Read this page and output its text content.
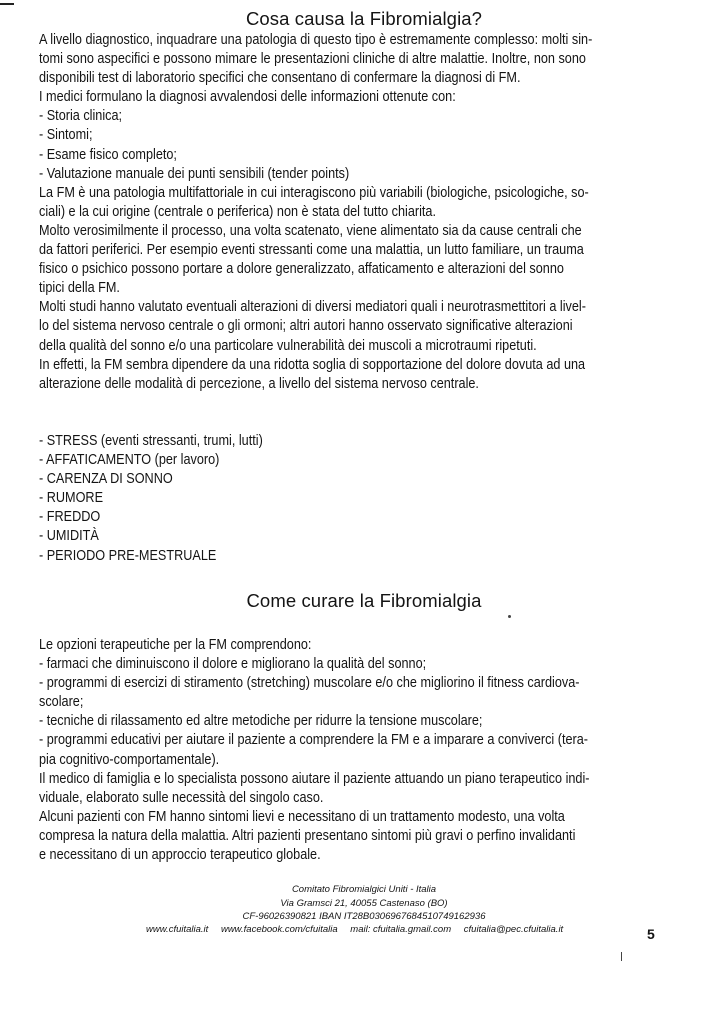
Cosa causa la Fibromialgia?

A livello diagnostico, inquadrare una patologia di questo tipo è estremamente complesso: molti sin-
tomi sono aspecifici e possono mimare le presentazioni cliniche di altre malattie. Inoltre, non sono
disponibili test di laboratorio specifici che consentano di confermare la diagnosi di FM.

I medici formulano la diagnosi avvalendosi delle informazioni ottenute con:
- Storia clinica;
- Sintomi;
- Esame fisico completo;
- Valutazione manuale dei punti sensibili (tender points)

La FM è una patologia multifattoriale in cui interagiscono più variabili (biologiche, psicologiche, so-
ciali) e la cui origine (centrale o periferica) non è stata del tutto chiarita.

Molto verosimilmente il processo, una volta scatenato, viene alimentato sia da cause centrali che
da fattori periferici. Per esempio eventi stressanti come una malattia, un lutto familiare, un trauma
fisico o psichico possono portare a dolore generalizzato, affaticamento e alterazioni del sonno
tipici della FM.

Molti studi hanno valutato eventuali alterazioni di diversi mediatori quali i neurotrasmettitori a livel-
lo del sistema nervoso centrale o gli ormoni; altri autori hanno osservato significative alterazioni
della qualità del sonno e/o una particolare vulnerabilità dei muscoli a microtraumi ripetuti.

In effetti, la FM sembra dipendere da una ridotta soglia di sopportazione del dolore dovuta ad una
alterazione delle modalità di percezione, a livello del sistema nervoso centrale.

- STRESS (eventi stressanti, trumi, lutti)
- AFFATICAMENTO (per lavoro)
- CARENZA DI SONNO
- RUMORE
- FREDDO
- UMIDITÀ
- PERIODO PRE-MESTRUALE
Come curare la Fibromialgia
Le opzioni terapeutiche per la FM comprendono:
- farmaci che diminuiscono il dolore e migliorano la qualità del sonno;
- programmi di esercizi di stiramento (stretching) muscolare e/o che migliorino il fitness cardiova-
scolare;
- tecniche di rilassamento ed altre metodiche per ridurre la tensione muscolare;
- programmi educativi per aiutare il paziente a comprendere la FM e a imparare a conviverci (tera-
pia cognitivo-comportamentale).

Il medico di famiglia e lo specialista possono aiutare il paziente attuando un piano terapeutico indi-
viduale, elaborato sulle necessità del singolo caso.

Alcuni pazienti con FM hanno sintomi lievi e necessitano di un trattamento modesto, una volta
compresa la natura della malattia. Altri pazienti presentano sintomi più gravi o perfino invalidanti
e necessitano di un approccio terapeutico globale.

Comitato Fibromialgici Uniti - Italia
Via Gramsci 21, 40055 Castenaso (BO)
CF-96026390821 IBAN IT28B0306967684510749162936
www.cfuitalia.it www.facebook.com/cfuitalia mail: cfuitalia.gmail.com cfuitalia@pec.cfuitalia.it	5
